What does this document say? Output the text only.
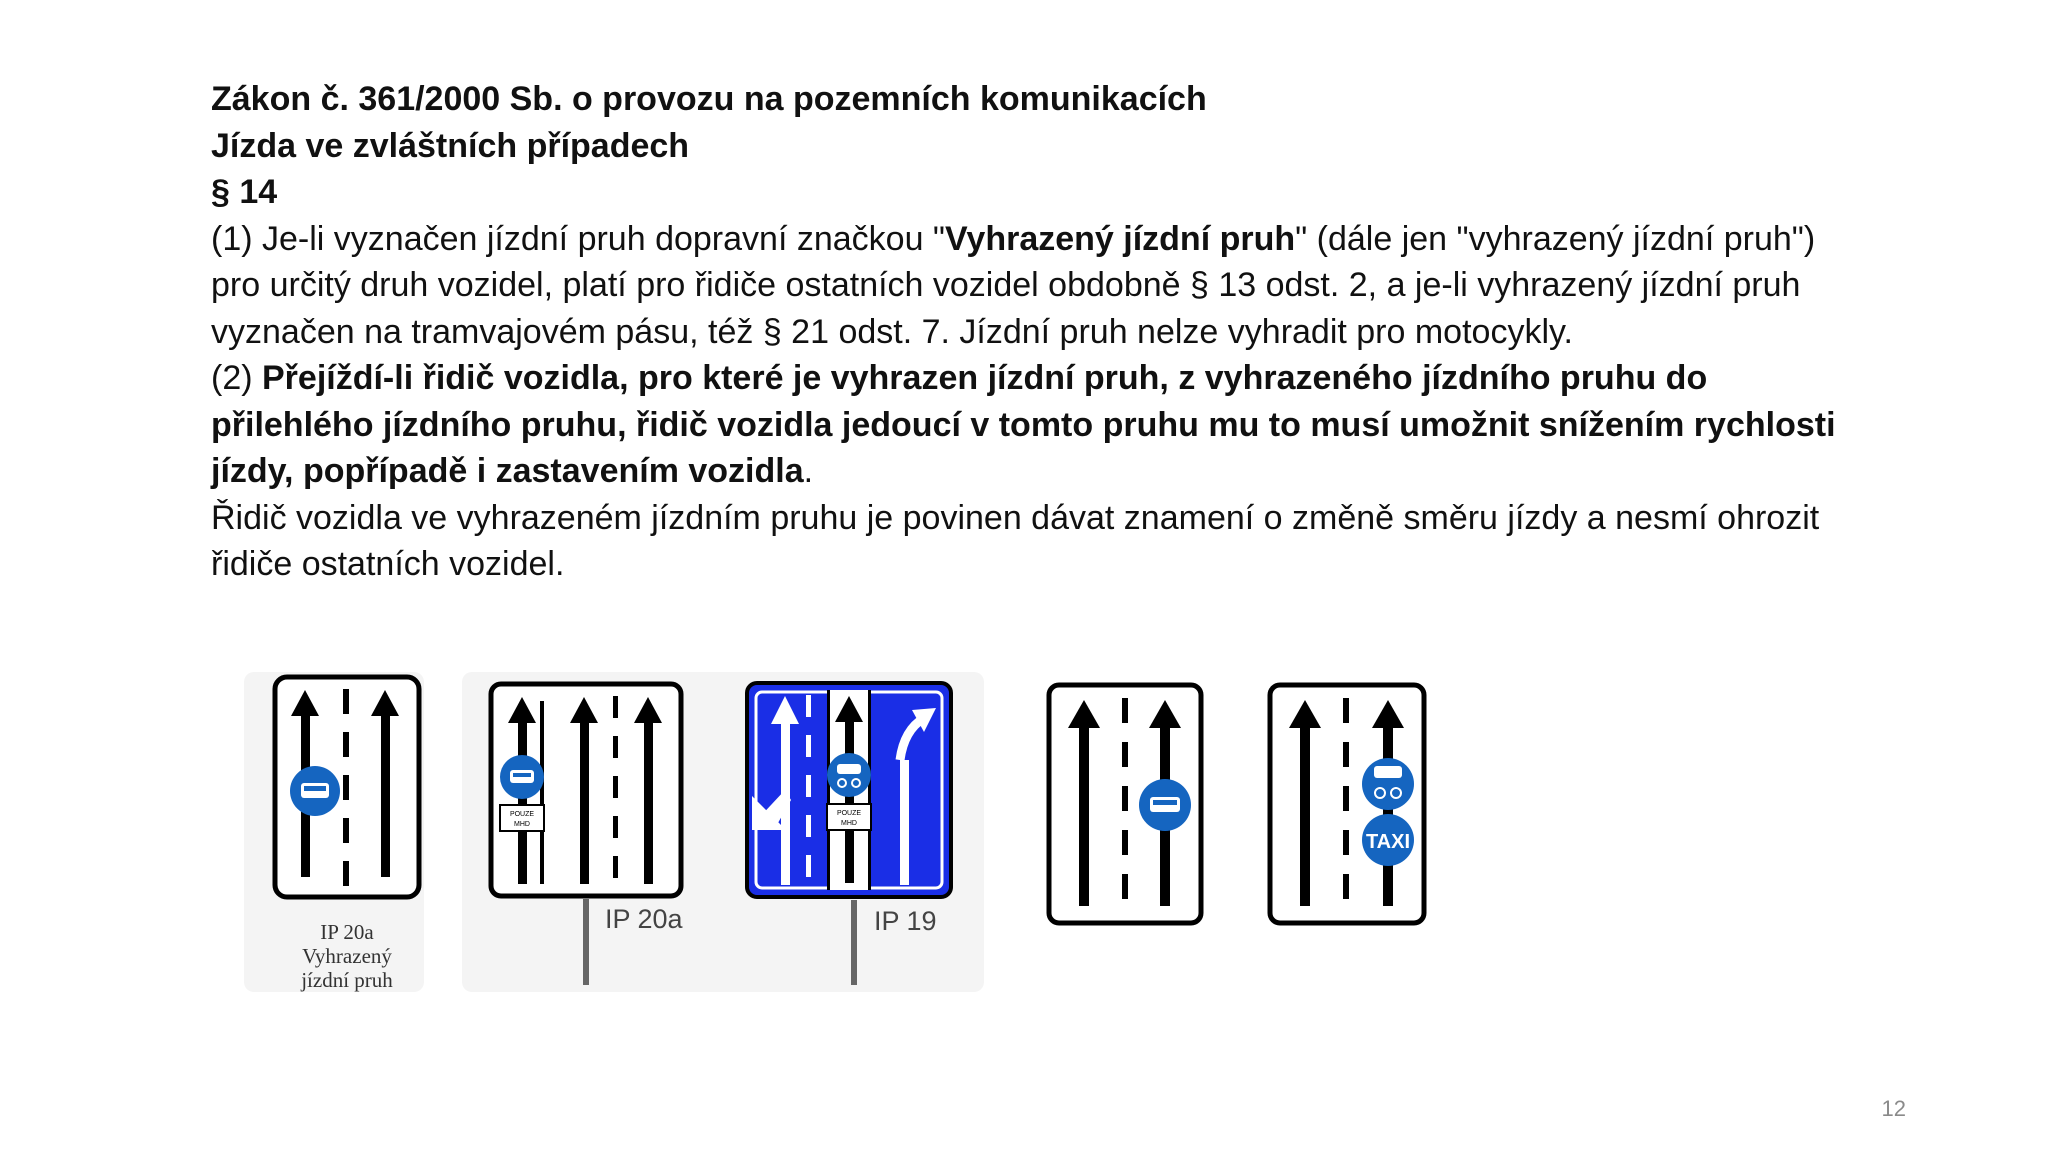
Zákon č. 361/2000 Sb. o provozu na pozemních komunikacích

Jízda ve zvláštních případech

§ 14

(1) Je-li vyznačen jízdní pruh dopravní značkou "Vyhrazený jízdní pruh" (dále jen "vyhrazený jízdní pruh") pro určitý druh vozidel, platí pro řidiče ostatních vozidel obdobně § 13 odst. 2, a je-li vyhrazený jízdní pruh vyznačen na tramvajovém pásu, též § 21 odst. 7. Jízdní pruh nelze vyhradit pro motocykly.

(2) Přejíždí-li řidič vozidla, pro které je vyhrazen jízdní pruh, z vyhrazeného jízdního pruhu do přilehlého jízdního pruhu, řidič vozidla jedoucí v tomto pruhu mu to musí umožnit snížením rychlosti jízdy, popřípadě i zastavením vozidla.

Řidič vozidla ve vyhrazeném jízdním pruhu je povinen dávat znamení o změně směru jízdy a nesmí ohrozit řidiče ostatních vozidel.

IP 20a
Vyhrazený
jízdní pruh
POUZE
MHD
IP 20a
POUZE
MHD
IP 19
TAXI
12
